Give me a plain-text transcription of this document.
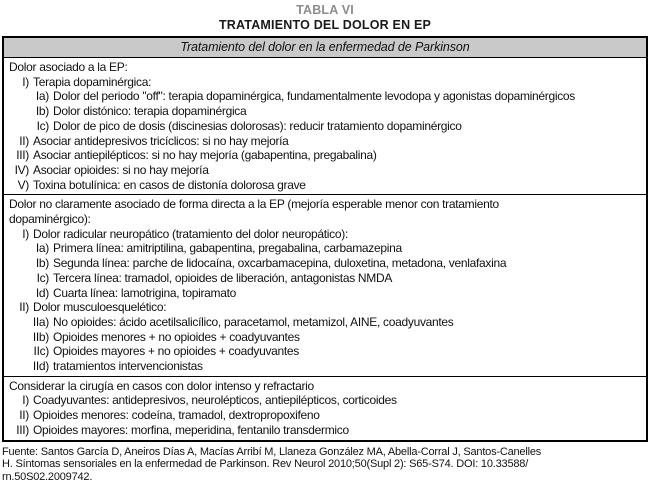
TABLA VI
TRATAMIENTO DEL DOLOR EN EP
Tratamiento del dolor en la enfermedad de Parkinson
Dolor asociado a la EP:
I) Terapia dopaminérgica:
Ia) Dolor del periodo "off": terapia dopaminérgica, fundamentalmente levodopa y agonistas dopaminérgicos
Ib) Dolor distónico: terapia dopaminérgica
Ic) Dolor de pico de dosis (discinesias dolorosas): reducir tratamiento dopaminérgico
II) Asociar antidepresivos tricíclicos: si no hay mejoría
III) Asociar antiepilépticos: si no hay mejoría (gabapentina, pregabalina)
IV) Asociar opioides: si no hay mejoría
V) Toxina botulínica: en casos de distonía dolorosa grave
Dolor no claramente asociado de forma directa a la EP (mejoría esperable menor con tratamiento
dopaminérgico):
I) Dolor radicular neuropático (tratamiento del dolor neuropático):
Ia) Primera línea: amitriptilina, gabapentina, pregabalina, carbamazepina
Ib) Segunda línea: parche de lidocaína, oxcarbamacepina, duloxetina, metadona, venlafaxina
Ic) Tercera línea: tramadol, opioides de liberación, antagonistas NMDA
Id) Cuarta línea: lamotrigina, topiramato
II) Dolor musculoesquelético:
IIa) No opioides: ácido acetilsalicílico, paracetamol, metamizol, AINE, coadyuvantes
IIb) Opioides menores + no opioides + coadyuvantes
IIc) Opioides mayores + no opioides + coadyuvantes
IId) tratamientos intervencionistas
Considerar la cirugía en casos con dolor intenso y refractario
I) Coadyuvantes: antidepresivos, neurolépticos, antiepilépticos, corticoides
II) Opioides menores: codeína, tramadol, dextropropoxifeno
III) Opioides mayores: morfina, meperidina, fentanilo transdermico
Fuente: Santos García D, Aneiros Días A, Macías Arribí M, Llaneza González MA, Abella-Corral J, Santos-Canelles
H. Síntomas sensoriales en la enfermedad de Parkinson. Rev Neurol 2010;50(Supl 2): S65-S74. DOI: 10.33588/
rn.50S02.2009742.
